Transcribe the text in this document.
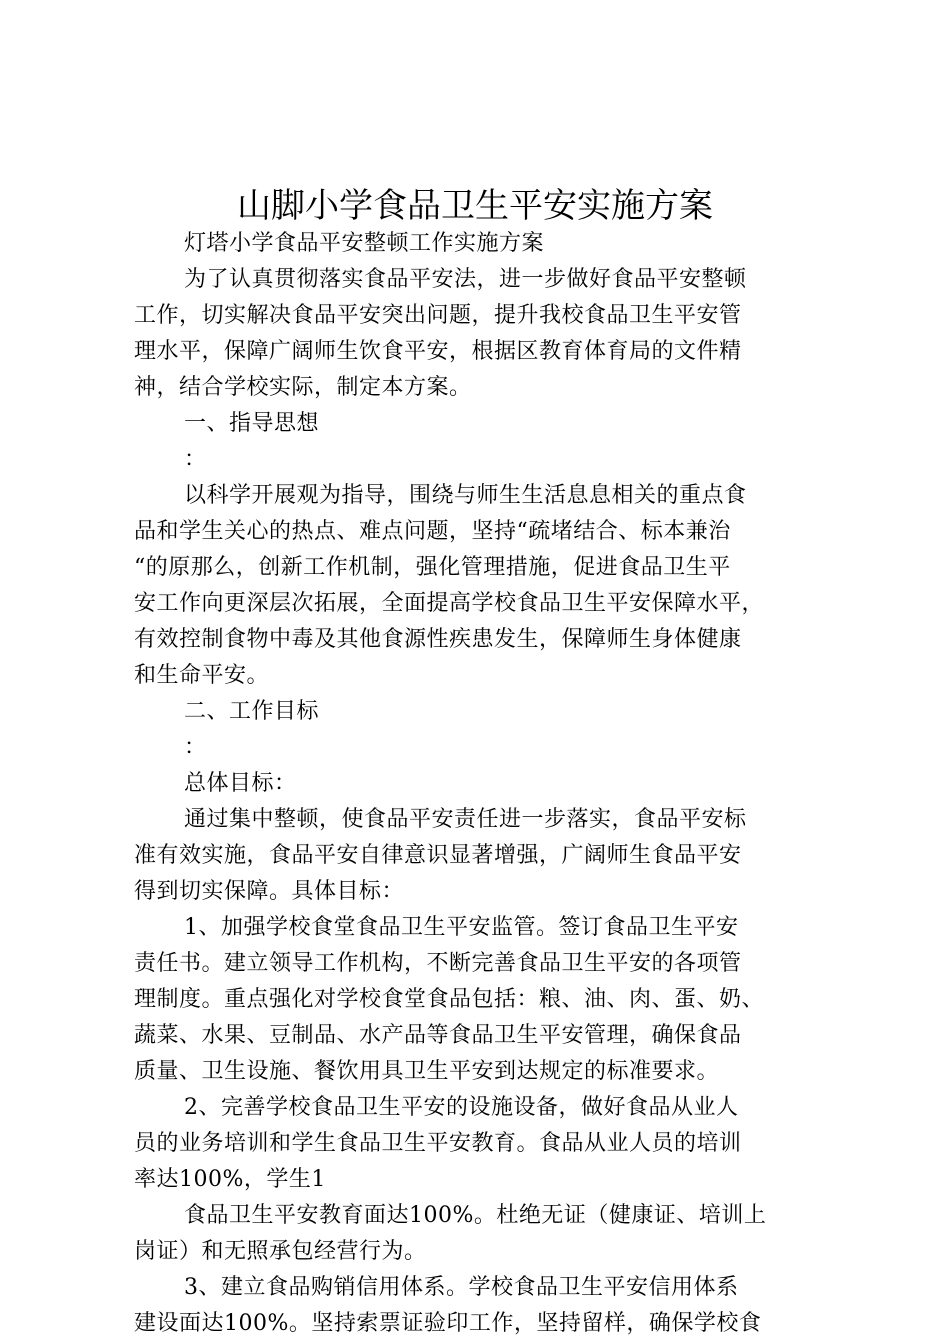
山脚小学食品卫生平安实施方案
灯塔小学食品平安整顿工作实施方案
为了认真贯彻落实食品平安法，进一步做好食品平安整顿
工作，切实解决食品平安突出问题，提升我校食品卫生平安管
理水平，保障广阔师生饮食平安，根据区教育体育局的文件精
神，结合学校实际，制定本方案。
一、指导思想
：
以科学开展观为指导，围绕与师生生活息息相关的重点食
品和学生关心的热点、难点问题，坚持“疏堵结合、标本兼治
“的原那么，创新工作机制，强化管理措施，促进食品卫生平
安工作向更深层次拓展，全面提高学校食品卫生平安保障水平，
有效控制食物中毒及其他食源性疾患发生，保障师生身体健康
和生命平安。
二、工作目标
：
总体目标：
通过集中整顿，使食品平安责任进一步落实，食品平安标
准有效实施，食品平安自律意识显著增强，广阔师生食品平安
得到切实保障。具体目标：
1、加强学校食堂食品卫生平安监管。签订食品卫生平安
责任书。建立领导工作机构，不断完善食品卫生平安的各项管
理制度。重点强化对学校食堂食品包括：粮、油、肉、蛋、奶、
蔬菜、水果、豆制品、水产品等食品卫生平安管理，确保食品
质量、卫生设施、餐饮用具卫生平安到达规定的标准要求。
2、完善学校食品卫生平安的设施设备，做好食品从业人
员的业务培训和学生食品卫生平安教育。食品从业人员的培训
率达100%，学生1
食品卫生平安教育面达100%。杜绝无证（健康证、培训上
岗证）和无照承包经营行为。
3、建立食品购销信用体系。学校食品卫生平安信用体系
建设面达100%。坚持索票证验印工作，坚持留样，确保学校食
